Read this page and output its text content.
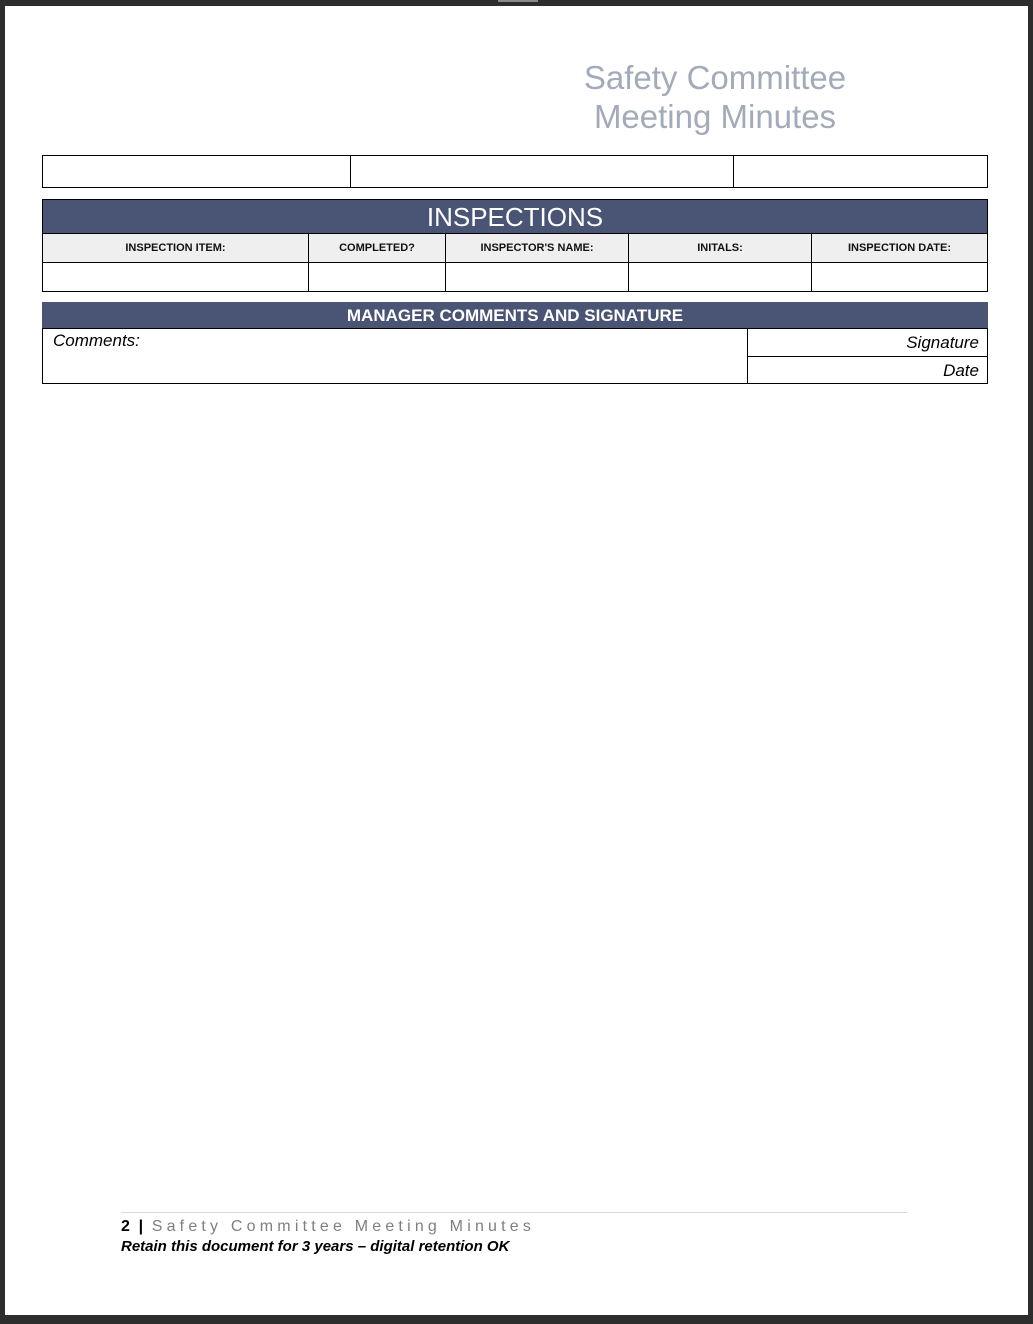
Safety Committee
Meeting Minutes
INSPECTIONS
INSPECTION ITEM:	COMPLETED?	INSPECTOR'S NAME:	INITALS:	INSPECTION DATE:
MANAGER COMMENTS AND SIGNATURE
Comments:	Signature
Date
2 | Safety Committee Meeting Minutes
Retain this document for 3 years – digital retention OK
